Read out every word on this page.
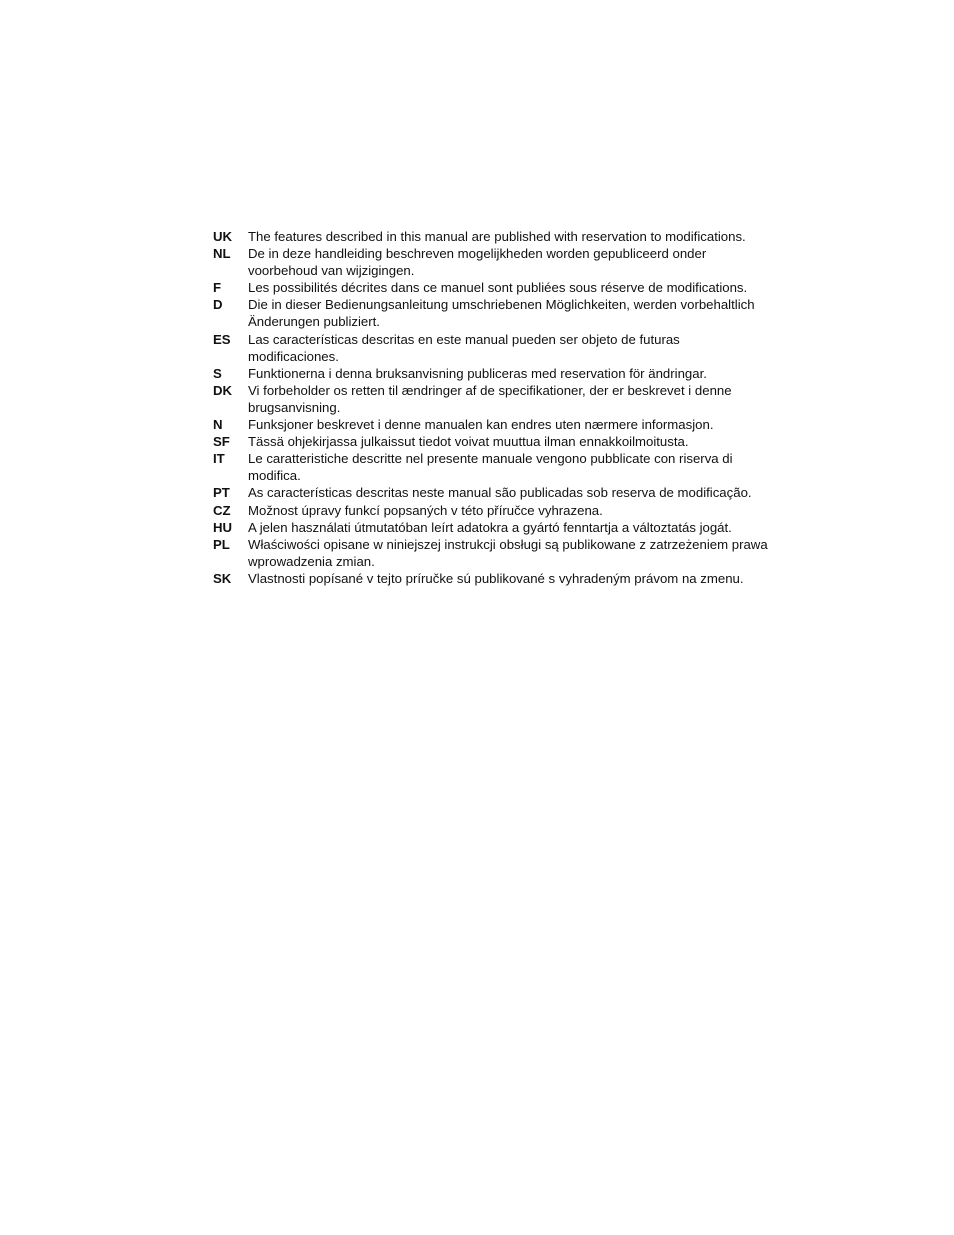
UK	The features described in this manual are published with reservation to modifications.
NL	De in deze handleiding beschreven mogelijkheden worden gepubliceerd onder voorbehoud van wijzigingen.
F	Les possibilités décrites dans ce manuel sont publiées sous réserve de modifications.
D	Die in dieser Bedienungsanleitung umschriebenen Möglichkeiten, werden vorbehaltlich Änderungen publiziert.
ES	Las características descritas en este manual pueden ser objeto de futuras modificaciones.
S	Funktionerna i denna bruksanvisning publiceras med reservation för ändringar.
DK	Vi forbeholder os retten til ændringer af de specifikationer, der er beskrevet i denne brugsanvisning.
N	Funksjoner beskrevet i denne manualen kan endres uten nærmere informasjon.
SF	Tässä ohjekirjassa julkaissut tiedot voivat muuttua ilman ennakkoilmoitusta.
IT	Le caratteristiche descritte nel presente manuale vengono pubblicate con riserva di modifica.
PT	As características descritas neste manual são publicadas sob reserva de modificação.
CZ	Možnost úpravy funkcí popsaných v této příručce vyhrazena.
HU	A jelen használati útmutatóban leírt adatokra a gyártó fenntartja a változtatás jogát.
PL	Właściwości opisane w niniejszej instrukcji obsługi są publikowane z zatrzeżeniem prawa wprowadzenia zmian.
SK	Vlastnosti popísané v tejto príručke sú publikované s vyhradeným právom na zmenu.
